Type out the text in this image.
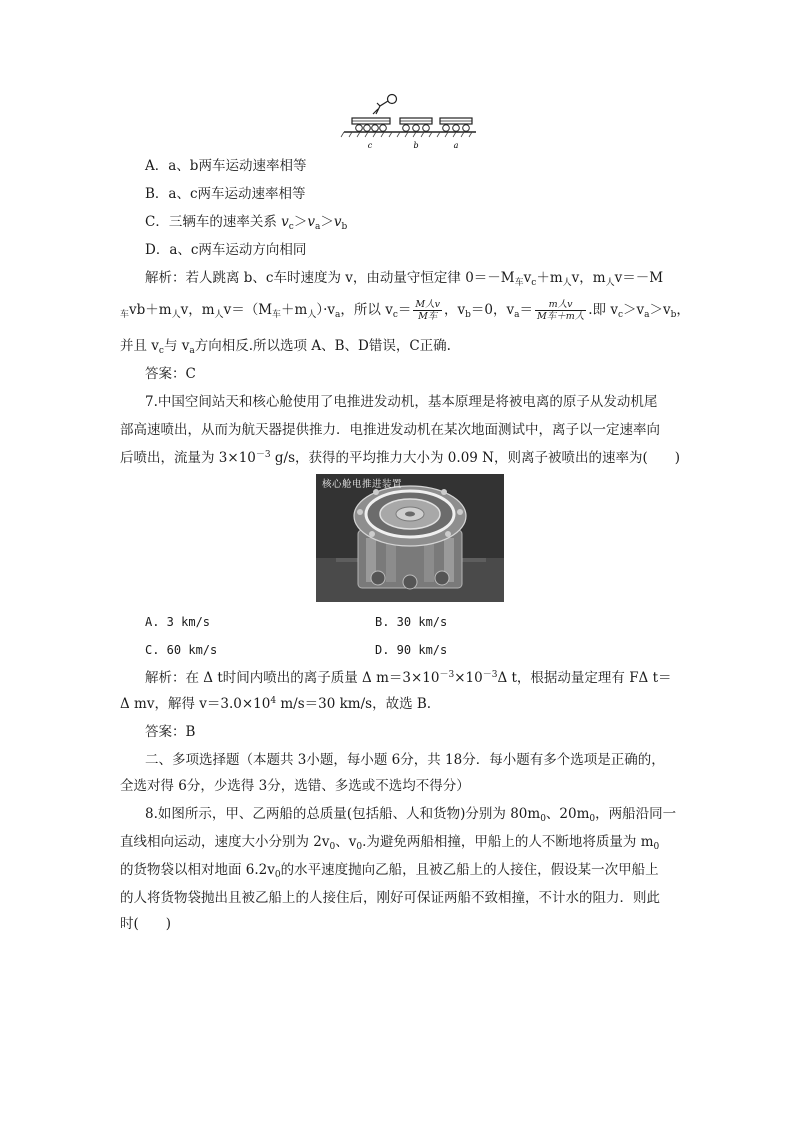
c	b	a
A．a、b两车运动速率相等
B．a、c两车运动速率相等
C．三辆车的速率关系 $v_c>v_a>v_b$
D．a、c两车运动方向相同
解析：若人跳离 b、c车时速度为 v，由动量守恒定律 $0=-M_车v_c+m_人v$，$m_人v=-M$
$_车vb+m_人v$，$m_人v=(M_车+m_人)\cdot v_a$，所以 $v_c= \frac{\text{M人v}}{\text{M车}}$ ，$v_b=0$，$v_a= \frac{\text{m人v}}{\text{M车＋m人}}$ .即 $v_c>v_a>v_b$，
并且 $v_c$与 $v_a$方向相反.所以选项 A、B、D错误，C正确.
答案：C
7.中国空间站天和核心舱使用了电推进发动机，基本原理是将被电离的原子从发动机尾
部高速喷出，从而为航天器提供推力．电推进发动机在某次地面测试中，离子以一定速率向
后喷出，流量为 $3\times 10^{-3}$ g/s，获得的平均推力大小为 0.09 N，则离子被喷出的速率为(　　)
核心舱电推进装置
A. 3 km/s	B. 30 km/s
C. 60 km/s	D. 90 km/s
解析：在 Δ t时间内喷出的离子质量 Δ $m=3\times 10^{-3}\times 10^{-3}\Delta$ t，根据动量定理有 FΔ t＝
Δ mv，解得 $v=3.0\times 10^4$ m/s＝30 km/s，故选 B.
答案：B
二、多项选择题（本题共 3小题，每小题 6分，共 18分．每小题有多个选项是正确的，
全选对得 6分，少选得 3分，选错、多选或不选均不得分）
8.如图所示，甲、乙两船的总质量(包括船、人和货物)分别为 $80m_0$、$20m_0$，两船沿同一
直线相向运动，速度大小分别为 $2v_0$、$v_0$.为避免两船相撞，甲船上的人不断地将质量为 $m_0$
的货物袋以相对地面 $6.2v_0$的水平速度抛向乙船，且被乙船上的人接住，假设某一次甲船上
的人将货物袋抛出且被乙船上的人接住后，刚好可保证两船不致相撞，不计水的阻力．则此
时(　　)
